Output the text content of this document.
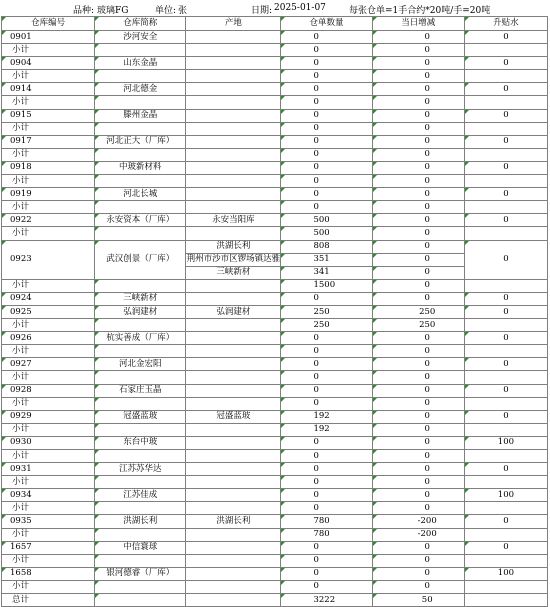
品种: 玻璃FG	单位: 张	日期: 2025-01-07	每张仓单=1手合约*20吨/手=20吨
仓库编号	仓库简称	产地	仓单数量	当日增减	升贴水
0901	沙河安全		0	0	0
小计			0	0	
0904	山东金晶		0	0	0
小计			0	0	
0914	河北德金		0	0	0
小计			0	0	
0915	滕州金晶		0	0	0
小计			0	0	
0917	河北正大（厂库）		0	0	0
小计			0	0	
0918	中玻新材料		0	0	0
小计			0	0	
0919	河北长城		0	0	0
小计			0	0	
0922	永安资本（厂库）	永安当阳库	500	0	0
小计			500	0	
0923	武汉创景（厂库）	洪湖长利	808	0	0
		荆州市沙市区锣场镇达雅	351	0	
		三峡新材	341	0	
小计			1500	0	
0924	三峡新材		0	0	0
0925	弘润建材	弘润建材	250	250	0
小计			250	250	
0926	杭实善成（厂库）		0	0	0
小计			0	0	
0927	河北金宏阳		0	0	0
小计			0	0	
0928	石家庄玉晶		0	0	0
小计			0	0	
0929	冠盛蓝玻	冠盛蓝玻	192	0	0
小计			192	0	
0930	东台中玻		0	0	100
小计			0	0	
0931	江苏苏华达		0	0	0
小计			0	0	
0934	江苏佳成		0	0	100
小计			0	0	
0935	洪湖长利	洪湖长利	780	-200	0
小计			780	-200	
1657	中信寰球		0	0	0
小计			0	0	
1658	银河德睿（厂库）		0	0	100
小计			0	0	
总计			3222	50	
